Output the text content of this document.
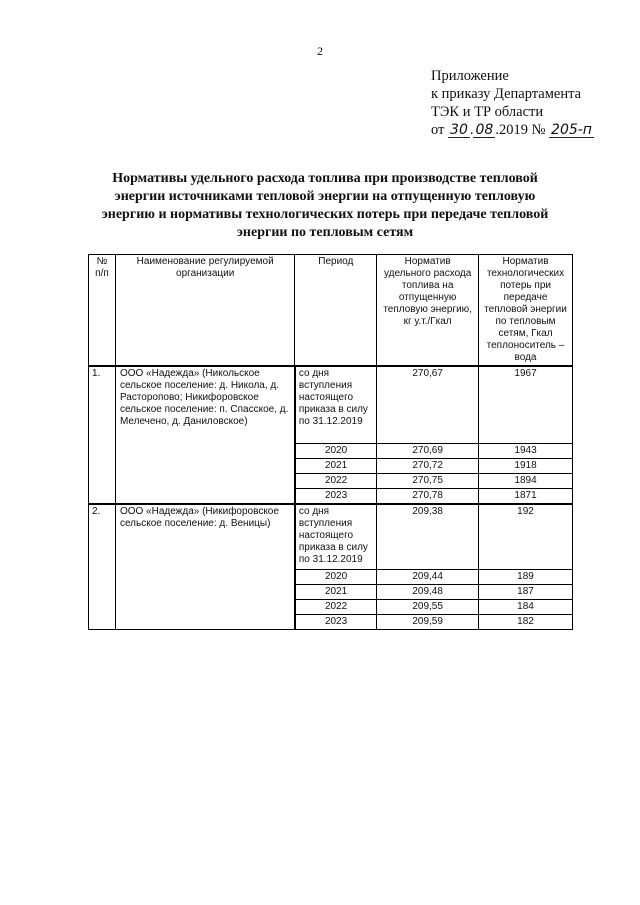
2
Приложение
к приказу Департамента
ТЭК и ТР области
от 30 . 08 .2019 № 205-п
Нормативы удельного расхода топлива при производстве тепловой энергии источниками тепловой энергии на отпущенную тепловую энергию и нормативы технологических потерь при передаче тепловой энергии по тепловым сетям
№ п/п	Наименование регулируемой организации	Период	Норматив удельного расхода топлива на отпущенную тепловую энергию, кг у.т./Гкал	Норматив технологических потерь при передаче тепловой энергии по тепловым сетям, Гкал теплоноситель – вода
1.	ООО «Надежда» (Никольское сельское поселение: д. Никола, д. Расторопово; Никифоровское сельское поселение: п. Спасское, д. Мелечено, д. Даниловское)	со дня вступления настоящего приказа в силу по 31.12.2019	270,67	1967
		2020	270,69	1943
		2021	270,72	1918
		2022	270,75	1894
		2023	270,78	1871
2.	ООО «Надежда» (Никифоровское сельское поселение: д. Веницы)	со дня вступления настоящего приказа в силу по 31.12.2019	209,38	192
		2020	209,44	189
		2021	209,48	187
		2022	209,55	184
		2023	209,59	182
